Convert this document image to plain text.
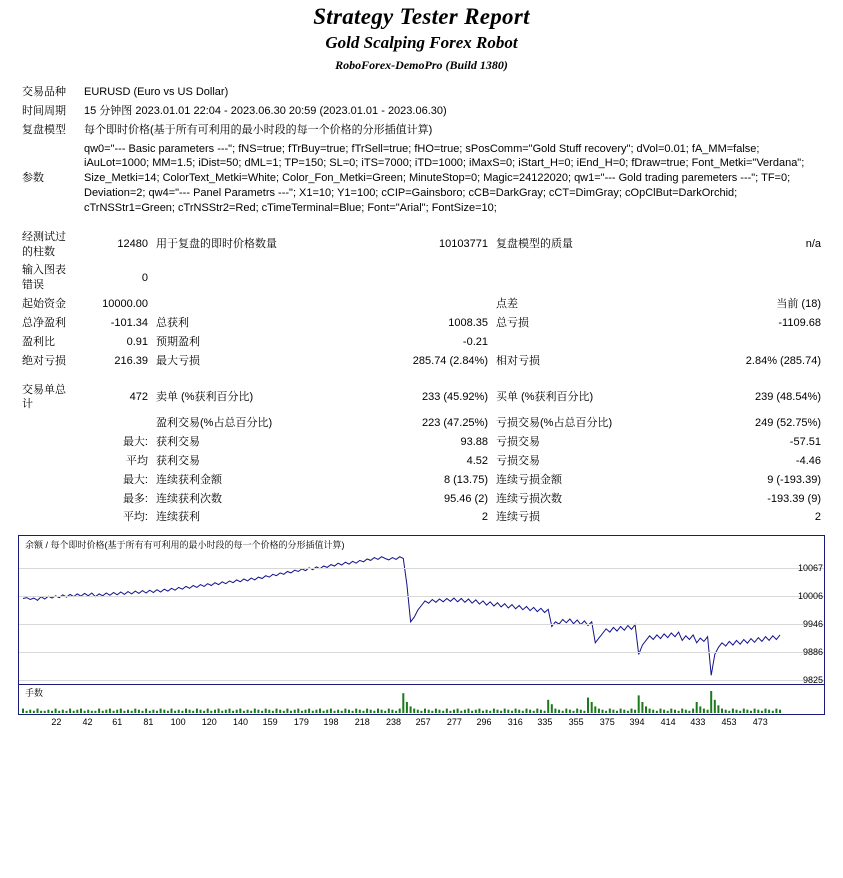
Strategy Tester Report
Gold Scalping Forex Robot
RoboForex-DemoPro (Build 1380)
交易品种	EURUSD (Euro vs US Dollar)
时间周期	15 分钟图 2023.01.01 22:04 - 2023.06.30 20:59 (2023.01.01 - 2023.06.30)
复盘模型	每个即时价格(基于所有可利用的最小时段的每一个价格的分形插值计算)
参数	qw0="--- Basic parameters ---"; fNS=true; fTrBuy=true; fTrSell=true; fHO=true; sPosComm="Gold Stuff recovery"; dVol=0.01; fA_MM=false; iAuLot=1000; MM=1.5; iDist=50; dML=1; TP=150; SL=0; iTS=7000; iTD=1000; iMaxS=0; iStart_H=0; iEnd_H=0; fDraw=true; Font_Metki="Verdana"; Size_Metki=14; ColorText_Metki=White; Color_Fon_Metki=Green; MinuteStop=0; Magic=24122020; qw1="--- Gold trading paremeters ---"; TF=0; Deviation=2; qw4="--- Panel Parametrs ---"; X1=10; Y1=100; cCIP=Gainsboro; cCB=DarkGray; cCT=DimGray; cOpClBut=DarkOrchid; cTrNSStr1=Green; cTrNSStr2=Red; cTimeTerminal=Blue; Font="Arial"; FontSize=10;
经测试过的柱数	12480	用于复盘的即时价格数量	10103771	复盘模型的质量	n/a
输入图表错误	0				
起始资金	10000.00			点差	当前 (18)
总净盈利	-101.34	总获利	1008.35	总亏损	-1109.68
盈利比	0.91	预期盈利	-0.21		
绝对亏损	216.39	最大亏损	285.74 (2.84%)	相对亏损	2.84% (285.74)
交易单总计	472	卖单 (%获利百分比)	233 (45.92%)	买单 (%获利百分比)	239 (48.54%)
		盈利交易(%占总百分比)	223 (47.25%)	亏损交易(%占总百分比)	249 (52.75%)
	最大:	获利交易	93.88	亏损交易	-57.51
	平均	获利交易	4.52	亏损交易	-4.46
	最大:	连续获利金额	8 (13.75)	连续亏损金额	9 (-193.39)
	最多:	连续获利次数	95.46 (2)	连续亏损次数	-193.39 (9)
	平均:	连续获利	2	连续亏损	2
余额 / 每个即时价格(基于所有有可利用的最小时段的每一个价格的分形插值计算)
10067
10006
9946
9886
9825
手数
22 42 61 81 100 120 140 159 179 198 218 238 257 277 296 316 335 355 375 394 414 433 453 473
